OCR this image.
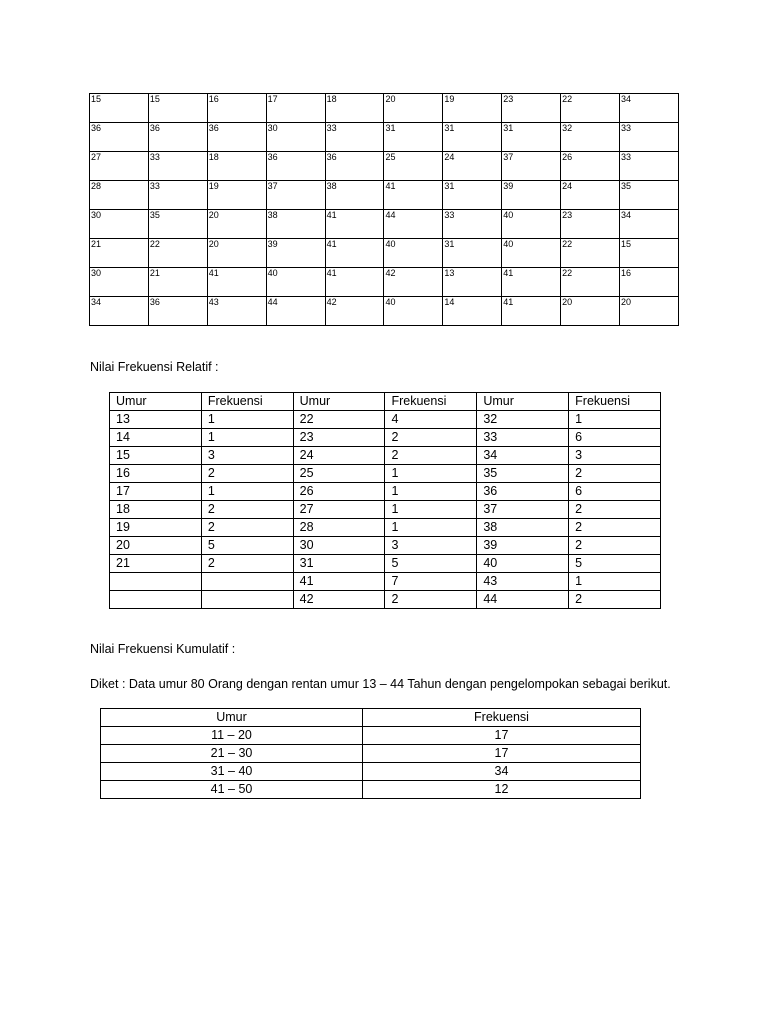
15	15	16	17	18	20	19	23	22	34
36	36	36	30	33	31	31	31	32	33
27	33	18	36	36	25	24	37	26	33
28	33	19	37	38	41	31	39	24	35
30	35	20	38	41	44	33	40	23	34
21	22	20	39	41	40	31	40	22	15
30	21	41	40	41	42	13	41	22	16
34	36	43	44	42	40	14	41	20	20
Nilai Frekuensi Relatif :
Umur	Frekuensi	Umur	Frekuensi	Umur	Frekuensi
13	1	22	4	32	1
14	1	23	2	33	6
15	3	24	2	34	3
16	2	25	1	35	2
17	1	26	1	36	6
18	2	27	1	37	2
19	2	28	1	38	2
20	5	30	3	39	2
21	2	31	5	40	5
		41	7	43	1
		42	2	44	2
Nilai Frekuensi Kumulatif :
Diket : Data umur 80 Orang dengan rentan umur 13 – 44 Tahun dengan pengelompokan sebagai berikut.
Umur	Frekuensi
11 – 20	17
21 – 30	17
31 – 40	34
41 – 50	12
